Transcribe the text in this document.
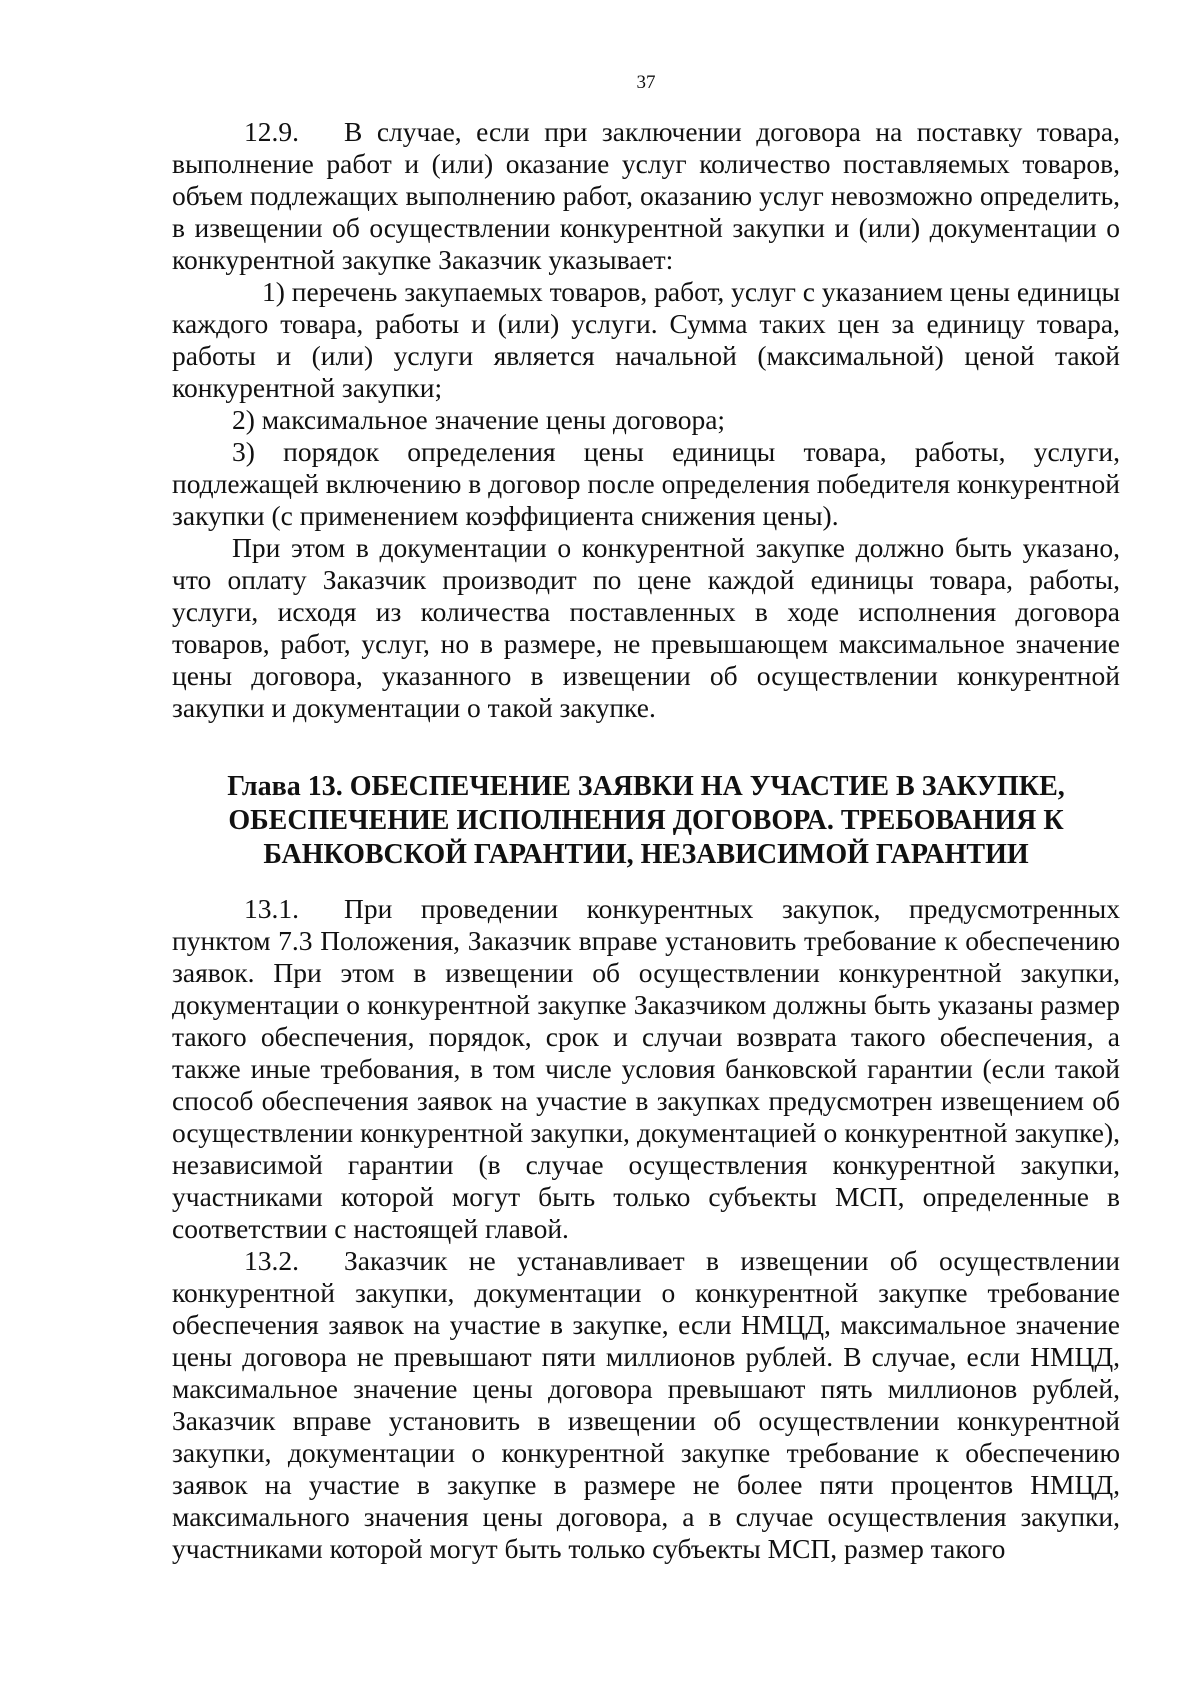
37

12.9. В случае, если при заключении договора на поставку товара, выполнение работ и (или) оказание услуг количество поставляемых товаров, объем подлежащих выполнению работ, оказанию услуг невозможно определить, в извещении об осуществлении конкурентной закупки и (или) документации о конкурентной закупке Заказчик указывает:

1) перечень закупаемых товаров, работ, услуг с указанием цены единицы каждого товара, работы и (или) услуги. Сумма таких цен за единицу товара, работы и (или) услуги является начальной (максимальной) ценой такой конкурентной закупки;

2) максимальное значение цены договора;

3) порядок определения цены единицы товара, работы, услуги, подлежащей включению в договор после определения победителя конкурентной закупки (с применением коэффициента снижения цены).

При этом в документации о конкурентной закупке должно быть указано, что оплату Заказчик производит по цене каждой единицы товара, работы, услуги, исходя из количества поставленных в ходе исполнения договора товаров, работ, услуг, но в размере, не превышающем максимальное значение цены договора, указанного в извещении об осуществлении конкурентной закупки и документации о такой закупке.

Глава 13. ОБЕСПЕЧЕНИЕ ЗАЯВКИ НА УЧАСТИЕ В ЗАКУПКЕ,

ОБЕСПЕЧЕНИЕ ИСПОЛНЕНИЯ ДОГОВОРА. ТРЕБОВАНИЯ К

БАНКОВСКОЙ ГАРАНТИИ, НЕЗАВИСИМОЙ ГАРАНТИИ

13.1. При проведении конкурентных закупок, предусмотренных пунктом 7.3 Положения, Заказчик вправе установить требование к обеспечению заявок. При этом в извещении об осуществлении конкурентной закупки, документации о конкурентной закупке Заказчиком должны быть указаны размер такого обеспечения, порядок, срок и случаи возврата такого обеспечения, а также иные требования, в том числе условия банковской гарантии (если такой способ обеспечения заявок на участие в закупках предусмотрен извещением об осуществлении конкурентной закупки, документацией о конкурентной закупке), независимой гарантии (в случае осуществления конкурентной закупки, участниками которой могут быть только субъекты МСП, определенные в соответствии с настоящей главой.

13.2. Заказчик не устанавливает в извещении об осуществлении конкурентной закупки, документации о конкурентной закупке требование обеспечения заявок на участие в закупке, если НМЦД, максимальное значение цены договора не превышают пяти миллионов рублей. В случае, если НМЦД, максимальное значение цены договора превышают пять миллионов рублей, Заказчик вправе установить в извещении об осуществлении конкурентной закупки, документации о конкурентной закупке требование к обеспечению заявок на участие в закупке в размере не более пяти процентов НМЦД, максимального значения цены договора, а в случае осуществления закупки, участниками которой могут быть только субъекты МСП, размер такого
